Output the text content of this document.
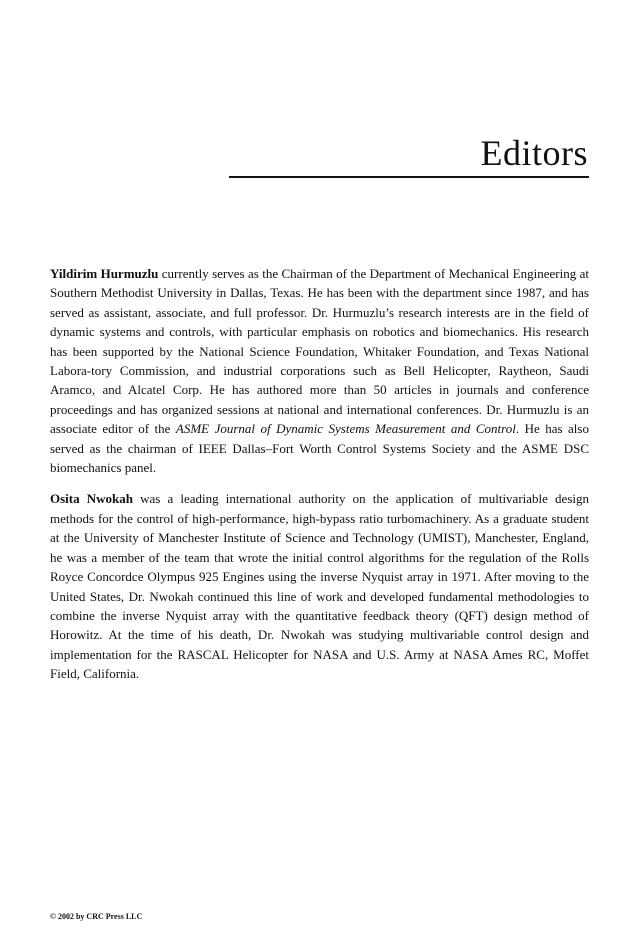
Editors

Yildirim Hurmuzlu currently serves as the Chairman of the Department of Mechanical Engineering at Southern Methodist University in Dallas, Texas. He has been with the department since 1987, and has served as assistant, associate, and full professor. Dr. Hurmuzlu’s research interests are in the field of dynamic systems and controls, with particular emphasis on robotics and biomechanics. His research has been supported by the National Science Foundation, Whitaker Foundation, and Texas National Labora-tory Commission, and industrial corporations such as Bell Helicopter, Raytheon, Saudi Aramco, and Alcatel Corp. He has authored more than 50 articles in journals and conference proceedings and has organized sessions at national and international conferences. Dr. Hurmuzlu is an associate editor of the ASME Journal of Dynamic Systems Measurement and Control. He has also served as the chairman of IEEE Dallas–Fort Worth Control Systems Society and the ASME DSC biomechanics panel.

Osita Nwokah was a leading international authority on the application of multivariable design methods for the control of high-performance, high-bypass ratio turbomachinery. As a graduate student at the University of Manchester Institute of Science and Technology (UMIST), Manchester, England, he was a member of the team that wrote the initial control algorithms for the regulation of the Rolls Royce Concordce Olympus 925 Engines using the inverse Nyquist array in 1971. After moving to the United States, Dr. Nwokah continued this line of work and developed fundamental methodologies to combine the inverse Nyquist array with the quantitative feedback theory (QFT) design method of Horowitz. At the time of his death, Dr. Nwokah was studying multivariable control design and implementation for the RASCAL Helicopter for NASA and U.S. Army at NASA Ames RC, Moffet Field, California.

© 2002 by CRC Press LLC
